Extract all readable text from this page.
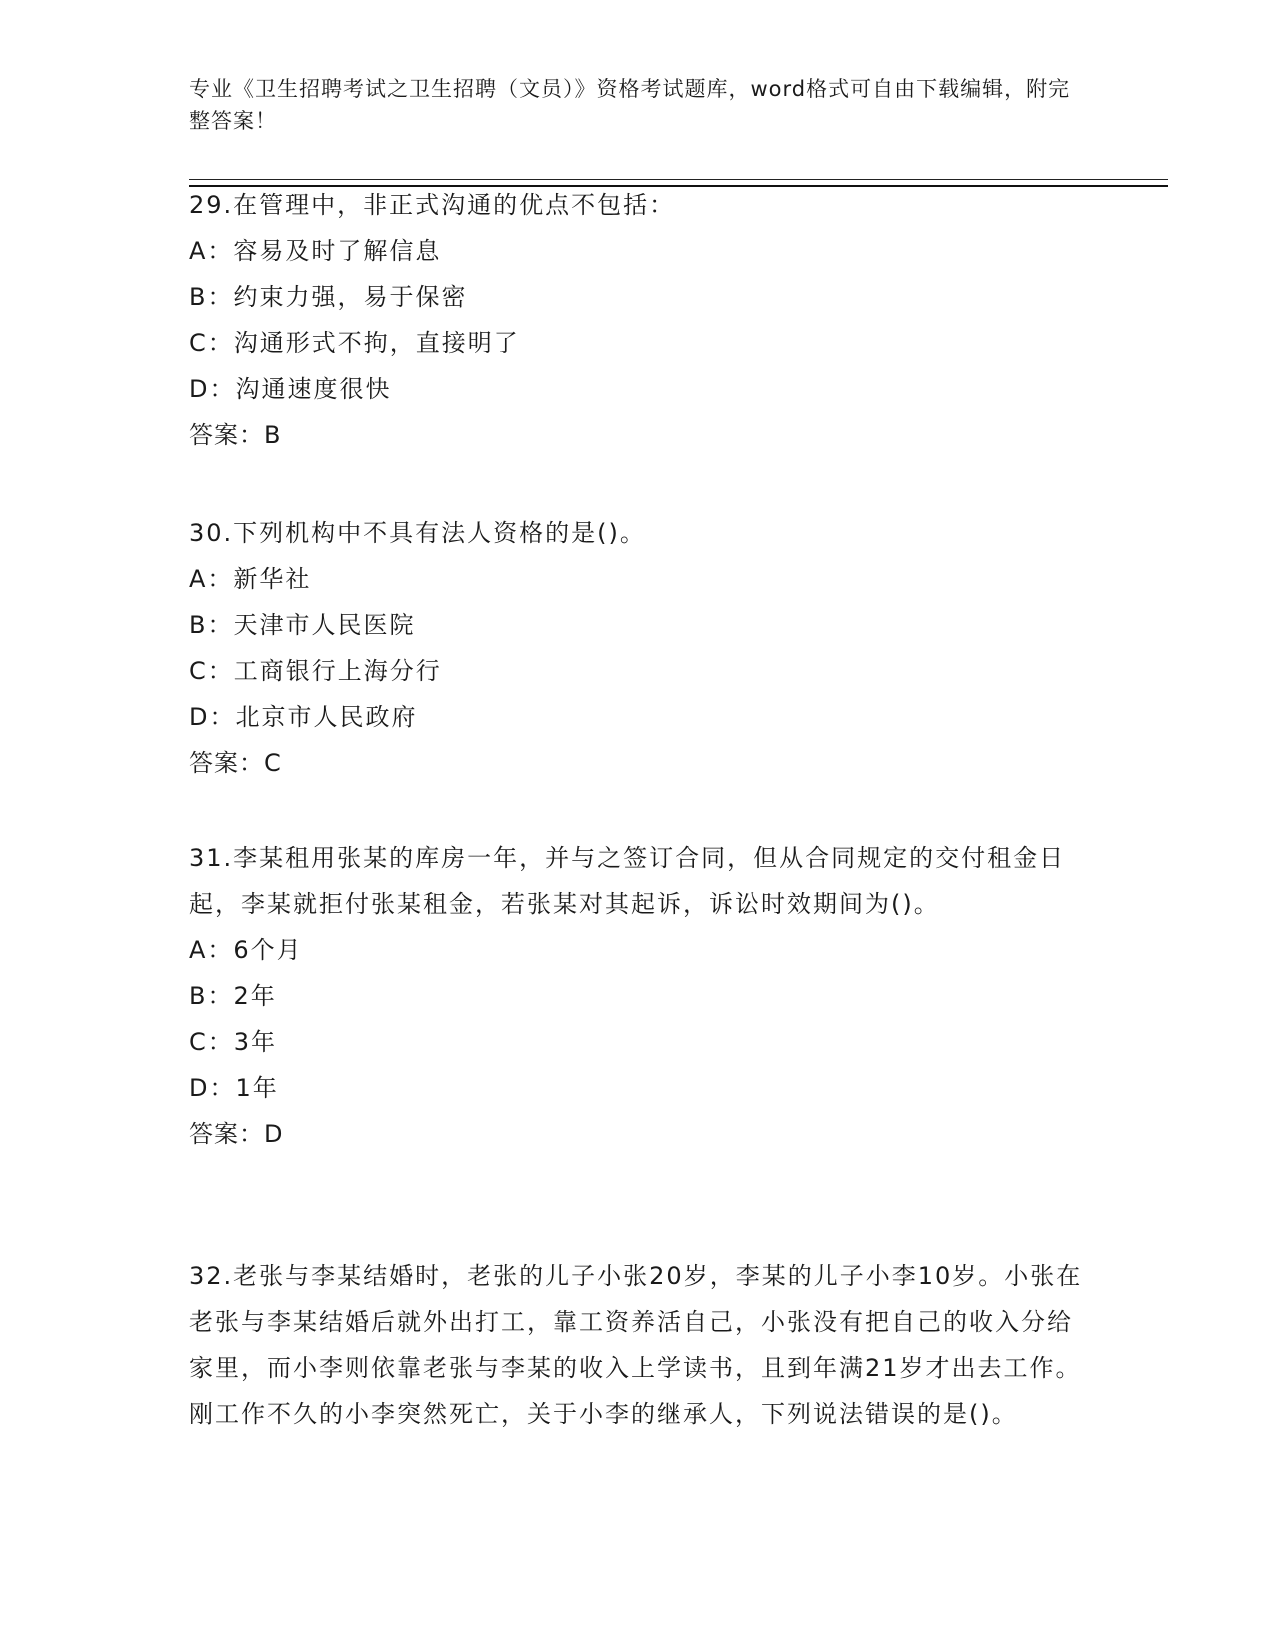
专业《卫生招聘考试之卫生招聘（文员）》资格考试题库，word格式可自由下载编辑，附完整答案！

29.在管理中，非正式沟通的优点不包括：

A：容易及时了解信息

B：约束力强，易于保密

C：沟通形式不拘，直接明了

D：沟通速度很快

答案：B

30.下列机构中不具有法人资格的是()。

A：新华社

B：天津市人民医院

C：工商银行上海分行

D：北京市人民政府

答案：C

31.李某租用张某的库房一年，并与之签订合同，但从合同规定的交付租金日起，李某就拒付张某租金，若张某对其起诉，诉讼时效期间为()。

A：6个月

B：2年

C：3年

D：1年

答案：D

32.老张与李某结婚时，老张的儿子小张20岁，李某的儿子小李10岁。小张在老张与李某结婚后就外出打工，靠工资养活自己，小张没有把自己的收入分给家里，而小李则依靠老张与李某的收入上学读书，且到年满21岁才出去工作。刚工作不久的小李突然死亡，关于小李的继承人，下列说法错误的是()。
